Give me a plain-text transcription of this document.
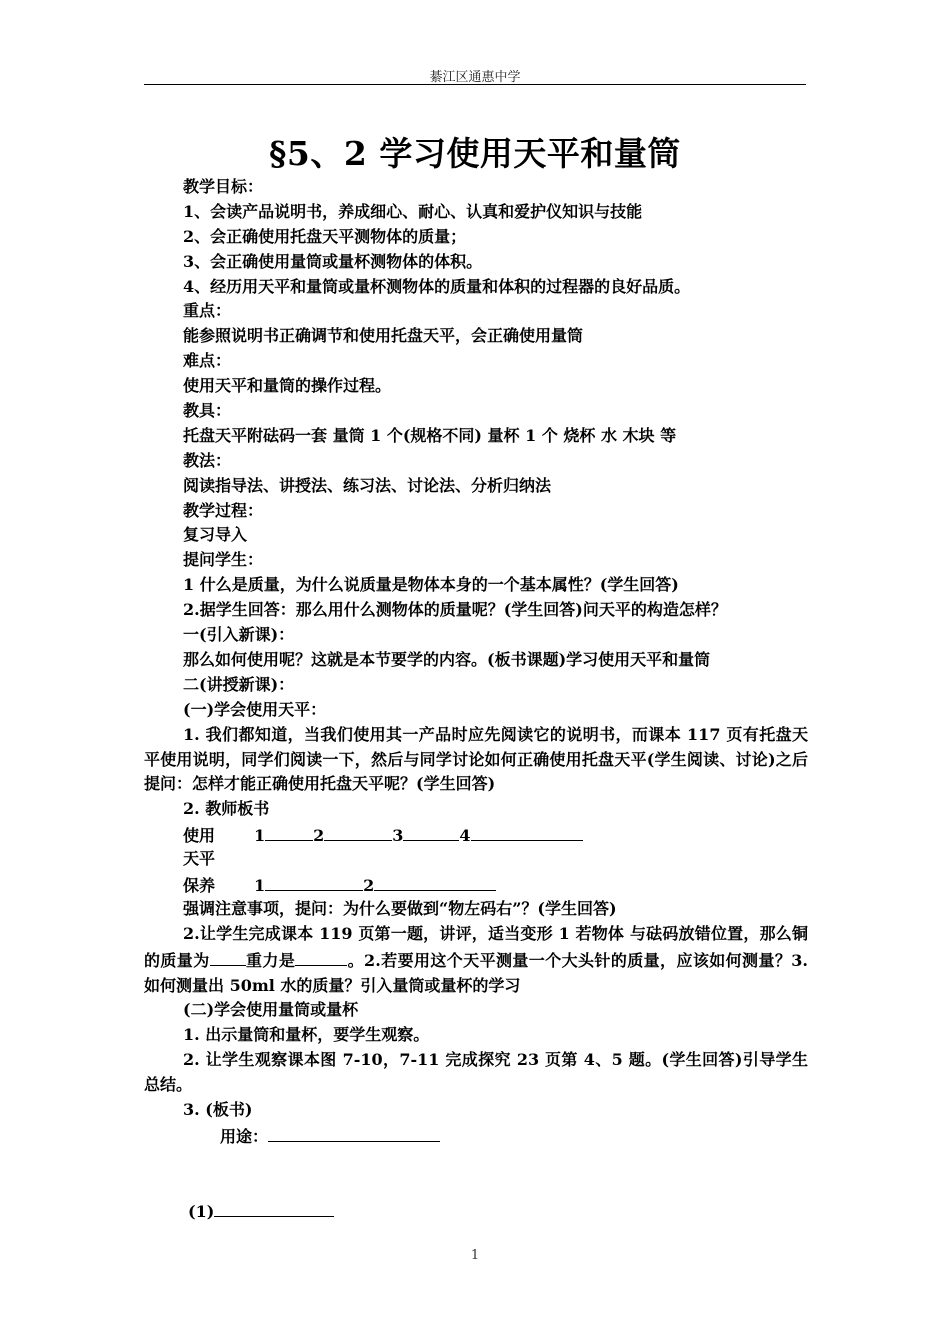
綦江区通惠中学
§5、2 学习使用天平和量筒
教学目标：
1、会读产品说明书，养成细心、耐心、认真和爱护仪知识与技能
2、会正确使用托盘天平测物体的质量；
3、会正确使用量筒或量杯测物体的体积。
4、经历用天平和量筒或量杯测物体的质量和体积的过程器的良好品质。
重点：
能参照说明书正确调节和使用托盘天平，会正确使用量筒
难点：
使用天平和量筒的操作过程。
教具：
托盘天平附砝码一套 量筒 1 个(规格不同) 量杯 1 个 烧杯 水 木块 等
教法：
阅读指导法、讲授法、练习法、讨论法、分析归纳法
教学过程：
复习导入
提问学生：
1 什么是质量，为什么说质量是物体本身的一个基本属性？(学生回答)
2.据学生回答：那么用什么测物体的质量呢？(学生回答)问天平的构造怎样？
一(引入新课)：
那么如何使用呢？这就是本节要学的内容。(板书课题)学习使用天平和量筒
二(讲授新课)：
(一)学会使用天平：
1. 我们都知道，当我们使用其一产品时应先阅读它的说明书，而课本 117 页有托盘天平使用说明，同学们阅读一下，然后与同学讨论如何正确使用托盘天平(学生阅读、讨论)之后提问：怎样才能正确使用托盘天平呢？(学生回答)
2. 教师板书
使用 1	2	3	4
天平
保养 1	2
强调注意事项，提问：为什么要做到“物左码右”？(学生回答)
2.让学生完成课本 119 页第一题，讲评，适当变形 1 若物体 与砝码放错位置，那么铜的质量为 重力是	。2.若要用这个天平测量一个大头针的质量，应该如何测量？3.如何测量出 50ml 水的质量？引入量筒或量杯的学习
(二)学会使用量筒或量杯
1. 出示量筒和量杯，要学生观察。
2. 让学生观察课本图 7-10，7-11 完成探究 23 页第 4、5 题。(学生回答)引导学生总结。
3. (板书)
用途：
(1)
1
